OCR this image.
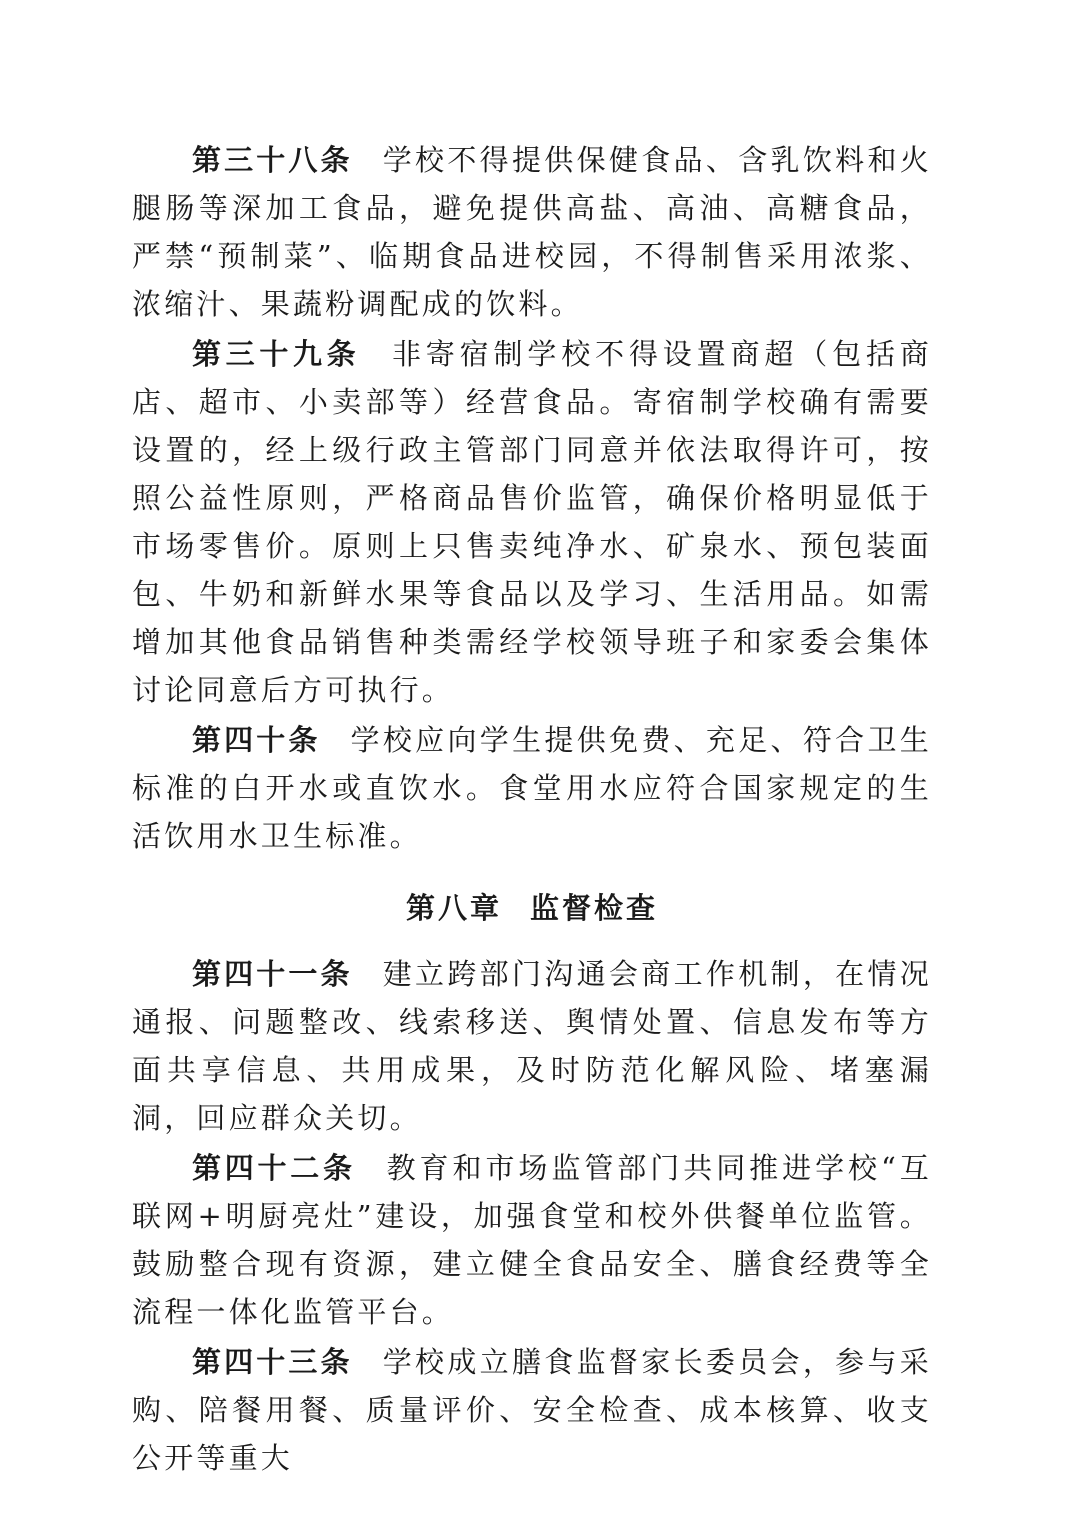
第三十八条 学校不得提供保健食品、含乳饮料和火腿肠等深加工食品，避免提供高盐、高油、高糖食品，严禁“预制菜”、临期食品进校园，不得制售采用浓浆、浓缩汁、果蔬粉调配成的饮料。

第三十九条 非寄宿制学校不得设置商超（包括商店、超市、小卖部等）经营食品。寄宿制学校确有需要设置的，经上级行政主管部门同意并依法取得许可，按照公益性原则，严格商品售价监管，确保价格明显低于市场零售价。原则上只售卖纯净水、矿泉水、预包装面包、牛奶和新鲜水果等食品以及学习、生活用品。如需增加其他食品销售种类需经学校领导班子和家委会集体讨论同意后方可执行。

第四十条 学校应向学生提供免费、充足、符合卫生标准的白开水或直饮水。食堂用水应符合国家规定的生活饮用水卫生标准。

第八章 监督检查

第四十一条 建立跨部门沟通会商工作机制，在情况通报、问题整改、线索移送、舆情处置、信息发布等方面共享信息、共用成果，及时防范化解风险、堵塞漏洞，回应群众关切。

第四十二条 教育和市场监管部门共同推进学校“互联网+明厨亮灶”建设，加强食堂和校外供餐单位监管。鼓励整合现有资源，建立健全食品安全、膳食经费等全流程一体化监管平台。

第四十三条 学校成立膳食监督家长委员会，参与采购、陪餐用餐、质量评价、安全检查、成本核算、收支公开等重大
